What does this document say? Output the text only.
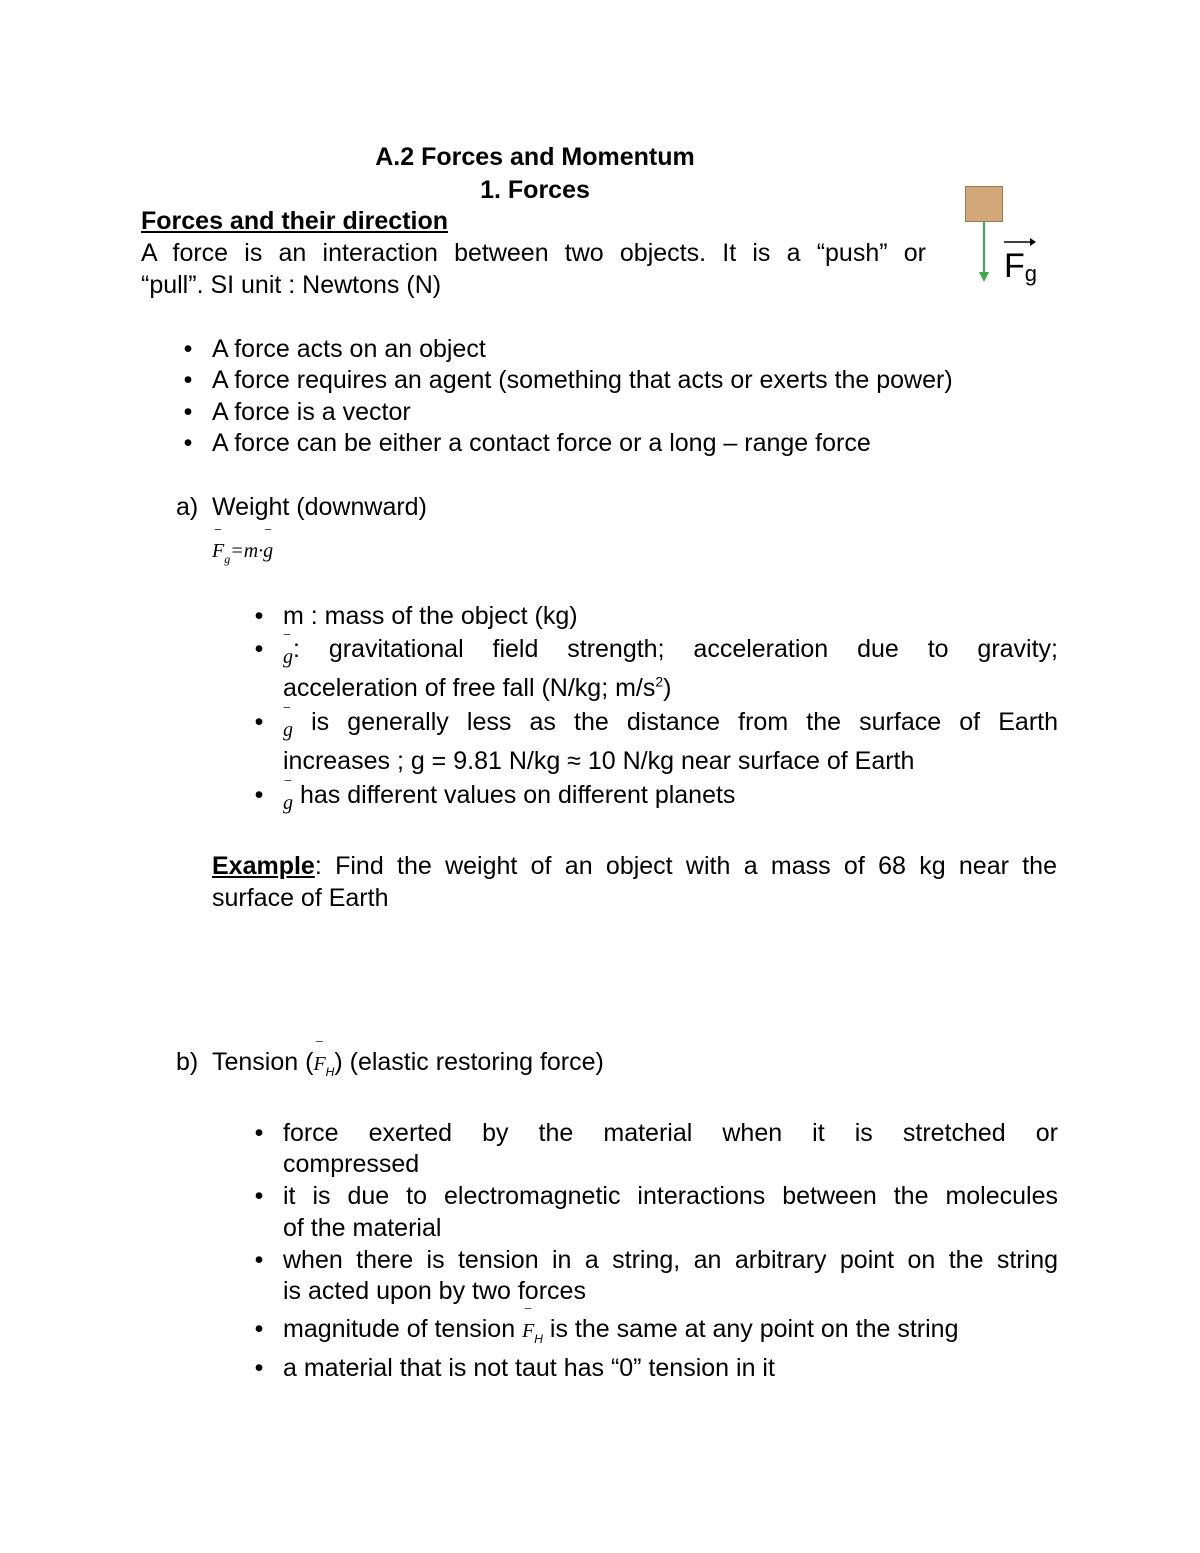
A.2 Forces and Momentum
1. Forces
Fg
Forces and their direction
A force is an interaction between two objects. It is a “push” or
“pull”. SI unit : Newtons (N)
• A force acts on an object
• A force requires an agent (something that acts or exerts the power)
• A force is a vector
• A force can be either a contact force or a long – range force
a) Weight (downward)
−
$F_g=m\cdot$
−
g
• m : mass of the object (kg)
•	−
g: gravitational field strength; acceleration due to gravity;
acceleration of free fall (N/kg; $m/s^2$)
•	−
g is generally less as the distance from the surface of Earth
increases ; g = 9.81 N/kg ≈ 10 N/kg near surface of Earth
•	−
g has different values on different planets
Example: Find the weight of an object with a mass of 68 kg near the
surface of Earth
b) Tension (
−
$F_H$) (elastic restoring force)
• force exerted by the material when it is stretched or
compressed
• it is due to electromagnetic interactions between the molecules
of the material
• when there is tension in a string, an arbitrary point on the string
is acted upon by two forces
• magnitude of tension
−
$F_H$ is the same at any point on the string
• a material that is not taut has “0” tension in it
